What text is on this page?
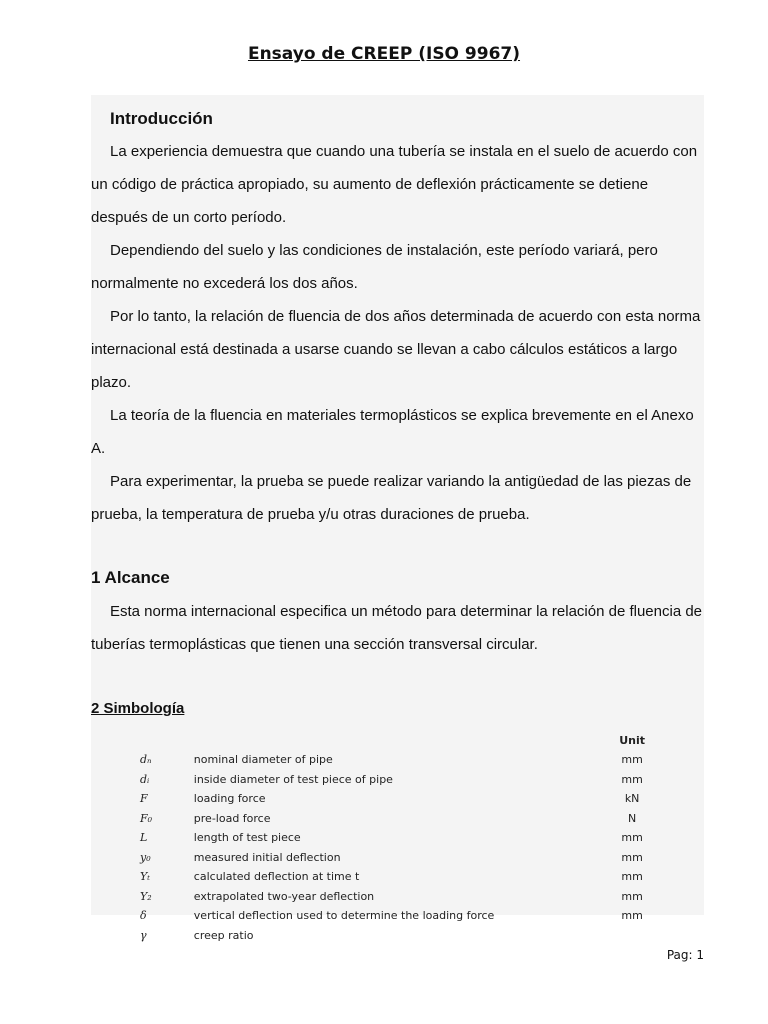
Ensayo de CREEP (ISO 9967)
Introducción

La experiencia demuestra que cuando una tubería se instala en el suelo de acuerdo con un código de práctica apropiado, su aumento de deflexión prácticamente se detiene después de un corto período.

Dependiendo del suelo y las condiciones de instalación, este período variará, pero normalmente no excederá los dos años.

Por lo tanto, la relación de fluencia de dos años determinada de acuerdo con esta norma internacional está destinada a usarse cuando se llevan a cabo cálculos estáticos a largo plazo.

La teoría de la fluencia en materiales termoplásticos se explica brevemente en el Anexo A.

Para experimentar, la prueba se puede realizar variando la antigüedad de las piezas de prueba, la temperatura de prueba y/u otras duraciones de prueba.

1 Alcance

Esta norma internacional especifica un método para determinar la relación de fluencia de tuberías termoplásticas que tienen una sección transversal circular.

2 Simbología
		Unit
dₙ	nominal diameter of pipe	mm
dᵢ	inside diameter of test piece of pipe	mm
F	loading force	kN
F₀	pre-load force	N
L	length of test piece	mm
y₀	measured initial deflection	mm
Yₜ	calculated deflection at time t	mm
Y₂	extrapolated two-year deflection	mm
δ	vertical deflection used to determine the loading force	mm
γ	creep ratio	
Pag: 1
